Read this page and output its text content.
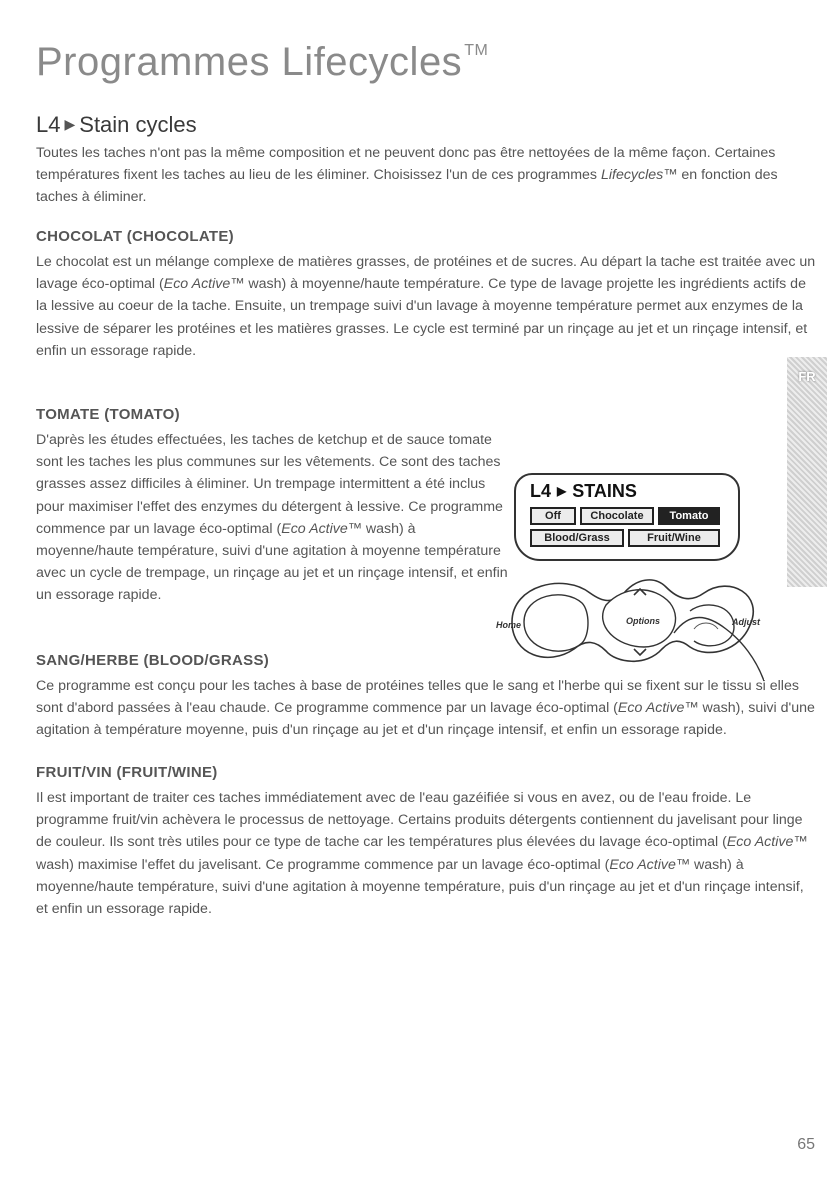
Programmes Lifecycles ™
L4 ▶ Stain cycles

Toutes les taches n'ont pas la même composition et ne peuvent donc pas être nettoyées de la même façon. Certaines températures fixent les taches au lieu de les éliminer. Choisissez l'un de ces programmes Lifecycles™ en fonction des taches à éliminer.

CHOCOLAT (CHOCOLATE)

Le chocolat est un mélange complexe de matières grasses, de protéines et de sucres. Au départ la tache est traitée avec un lavage éco-optimal (Eco Active™ wash) à moyenne/haute température. Ce type de lavage projette les ingrédients actifs de la lessive au coeur de la tache. Ensuite, un trempage suivi d'un lavage à moyenne température permet aux enzymes de la lessive de séparer les protéines et les matières grasses. Le cycle est terminé par un rinçage au jet et un rinçage intensif, et enfin un essorage rapide.

TOMATE (TOMATO)

D'après les études effectuées, les taches de ketchup et de sauce tomate sont les taches les plus communes sur les vêtements. Ce sont des taches grasses assez difficiles à éliminer. Un trempage intermittent a été inclus pour maximiser l'effet des enzymes du détergent à lessive. Ce programme commence par un lavage éco-optimal (Eco Active™ wash) à moyenne/haute température, suivi d'une agitation à moyenne température avec un cycle de trempage, un rinçage au jet et un rinçage intensif, et enfin un essorage rapide.

SANG/HERBE (BLOOD/GRASS)

Ce programme est conçu pour les taches à base de protéines telles que le sang et l'herbe qui se fixent sur le tissu si elles sont d'abord passées à l'eau chaude. Ce programme commence par un lavage éco-optimal (Eco Active™ wash), suivi d'une agitation à température moyenne, puis d'un rinçage au jet et d'un rinçage intensif, et enfin un essorage rapide.

FRUIT/VIN (FRUIT/WINE)

Il est important de traiter ces taches immédiatement avec de l'eau gazéifiée si vous en avez, ou de l'eau froide. Le programme fruit/vin achèvera le processus de nettoyage. Certains produits détergents contiennent du javelisant pour linge de couleur. Ils sont très utiles pour ce type de tache car les températures plus élevées du lavage éco-optimal (Eco Active™ wash) maximise l'effet du javelisant. Ce programme commence par un lavage éco-optimal (Eco Active™ wash) à moyenne/haute température, suivi d'une agitation à moyenne température, puis d'un rinçage au jet et d'un rinçage intensif, et enfin un essorage rapide.

L4 ▶ STAINS
Off	Chocolate	Tomato
Blood/Grass	Fruit/Wine
Home	Options	Adjust
FR
65
